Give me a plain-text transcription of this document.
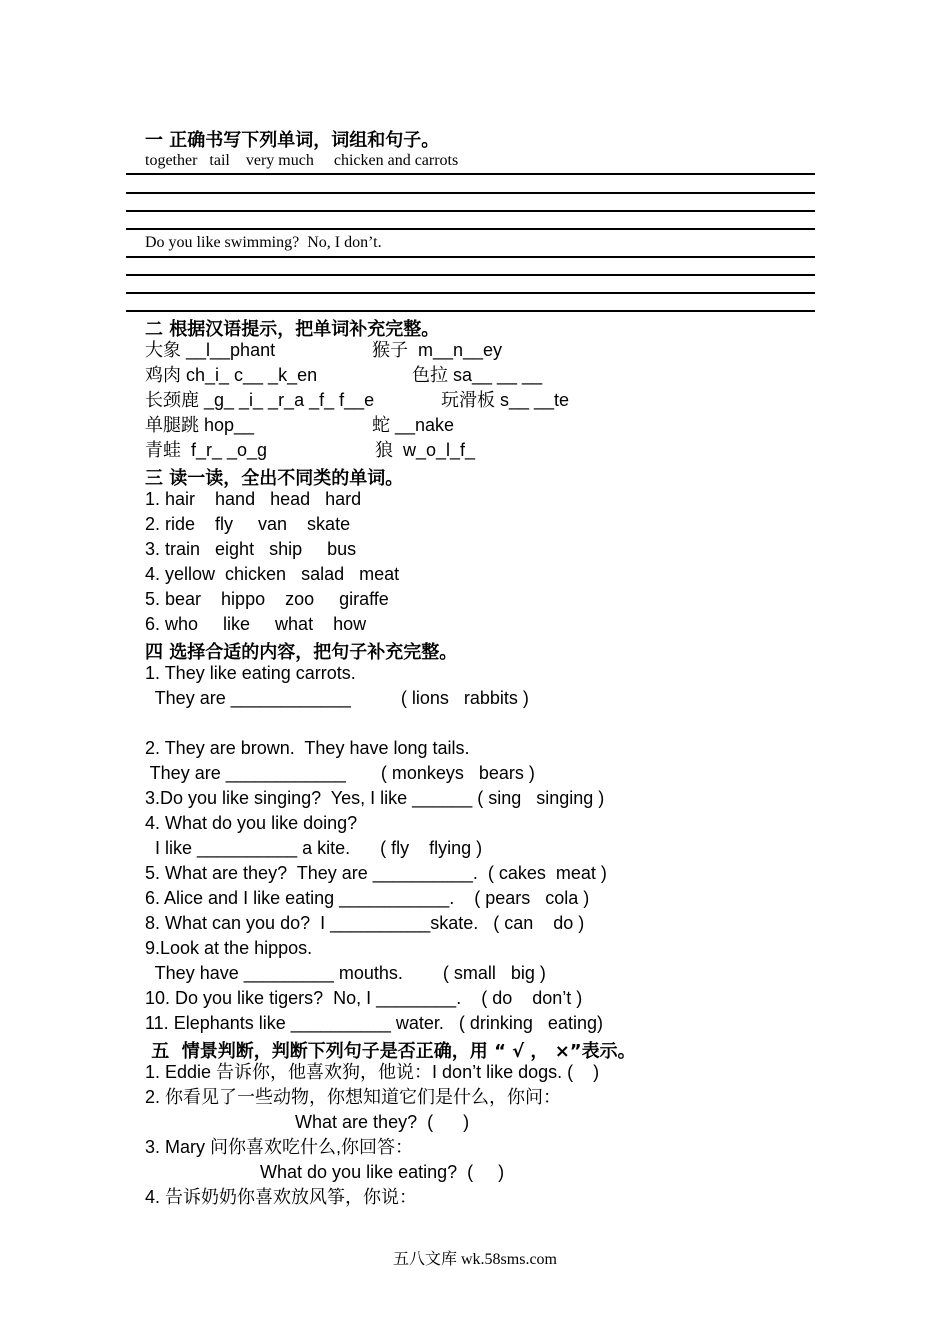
一 正确书写下列单词，词组和句子。
together   tail    very much     chicken and carrots
Do you like swimming?  No, I don’t.
二 根据汉语提示，把单词补充完整。
大象 __l__phant	猴子  m__n__ey
鸡肉 ch_i_ c__ _k_en	色拉 sa__ __ __
长颈鹿 _g_ _i_ _r_a _f_ f__e	玩滑板 s__ __te
单腿跳 hop__	蛇 __nake
青蛙  f_r_ _o_g	狼  w_o_l_f_
三 读一读，全出不同类的单词。
1. hair    hand   head   hard
2. ride    fly     van    skate
3. train   eight   ship     bus
4. yellow  chicken   salad   meat
5. bear    hippo    zoo     giraffe
6. who     like     what    how
四 选择合适的内容，把句子补充完整。
1. They like eating carrots.
They are ____________          ( lions   rabbits )
2. They are brown.  They have long tails.
They are ____________       ( monkeys   bears )
3.Do you like singing?  Yes, I like ______ ( sing   singing )
4. What do you like doing?
I like __________ a kite.      ( fly    flying )
5. What are they?  They are __________.  ( cakes  meat )
6. Alice and I like eating ___________.    ( pears   cola )
8. What can you do?  I __________skate.   ( can    do )
9.Look at the hippos.
They have _________ mouths.        ( small   big )
10. Do you like tigers?  No, I ________.    ( do    don’t )
11. Elephants like __________ water.   ( drinking   eating)
五  情景判断，判断下列句子是否正确，用 “ √ ， ×”表示。
1. Eddie 告诉你，他喜欢狗，他说：I don’t like dogs. (    )
2. 你看见了一些动物，你想知道它们是什么，你问：
What are they?  (      )
3. Mary 问你喜欢吃什么,你回答：
What do you like eating?  (     )
4. 告诉奶奶你喜欢放风筝，你说：
五八文库 wk.58sms.com
